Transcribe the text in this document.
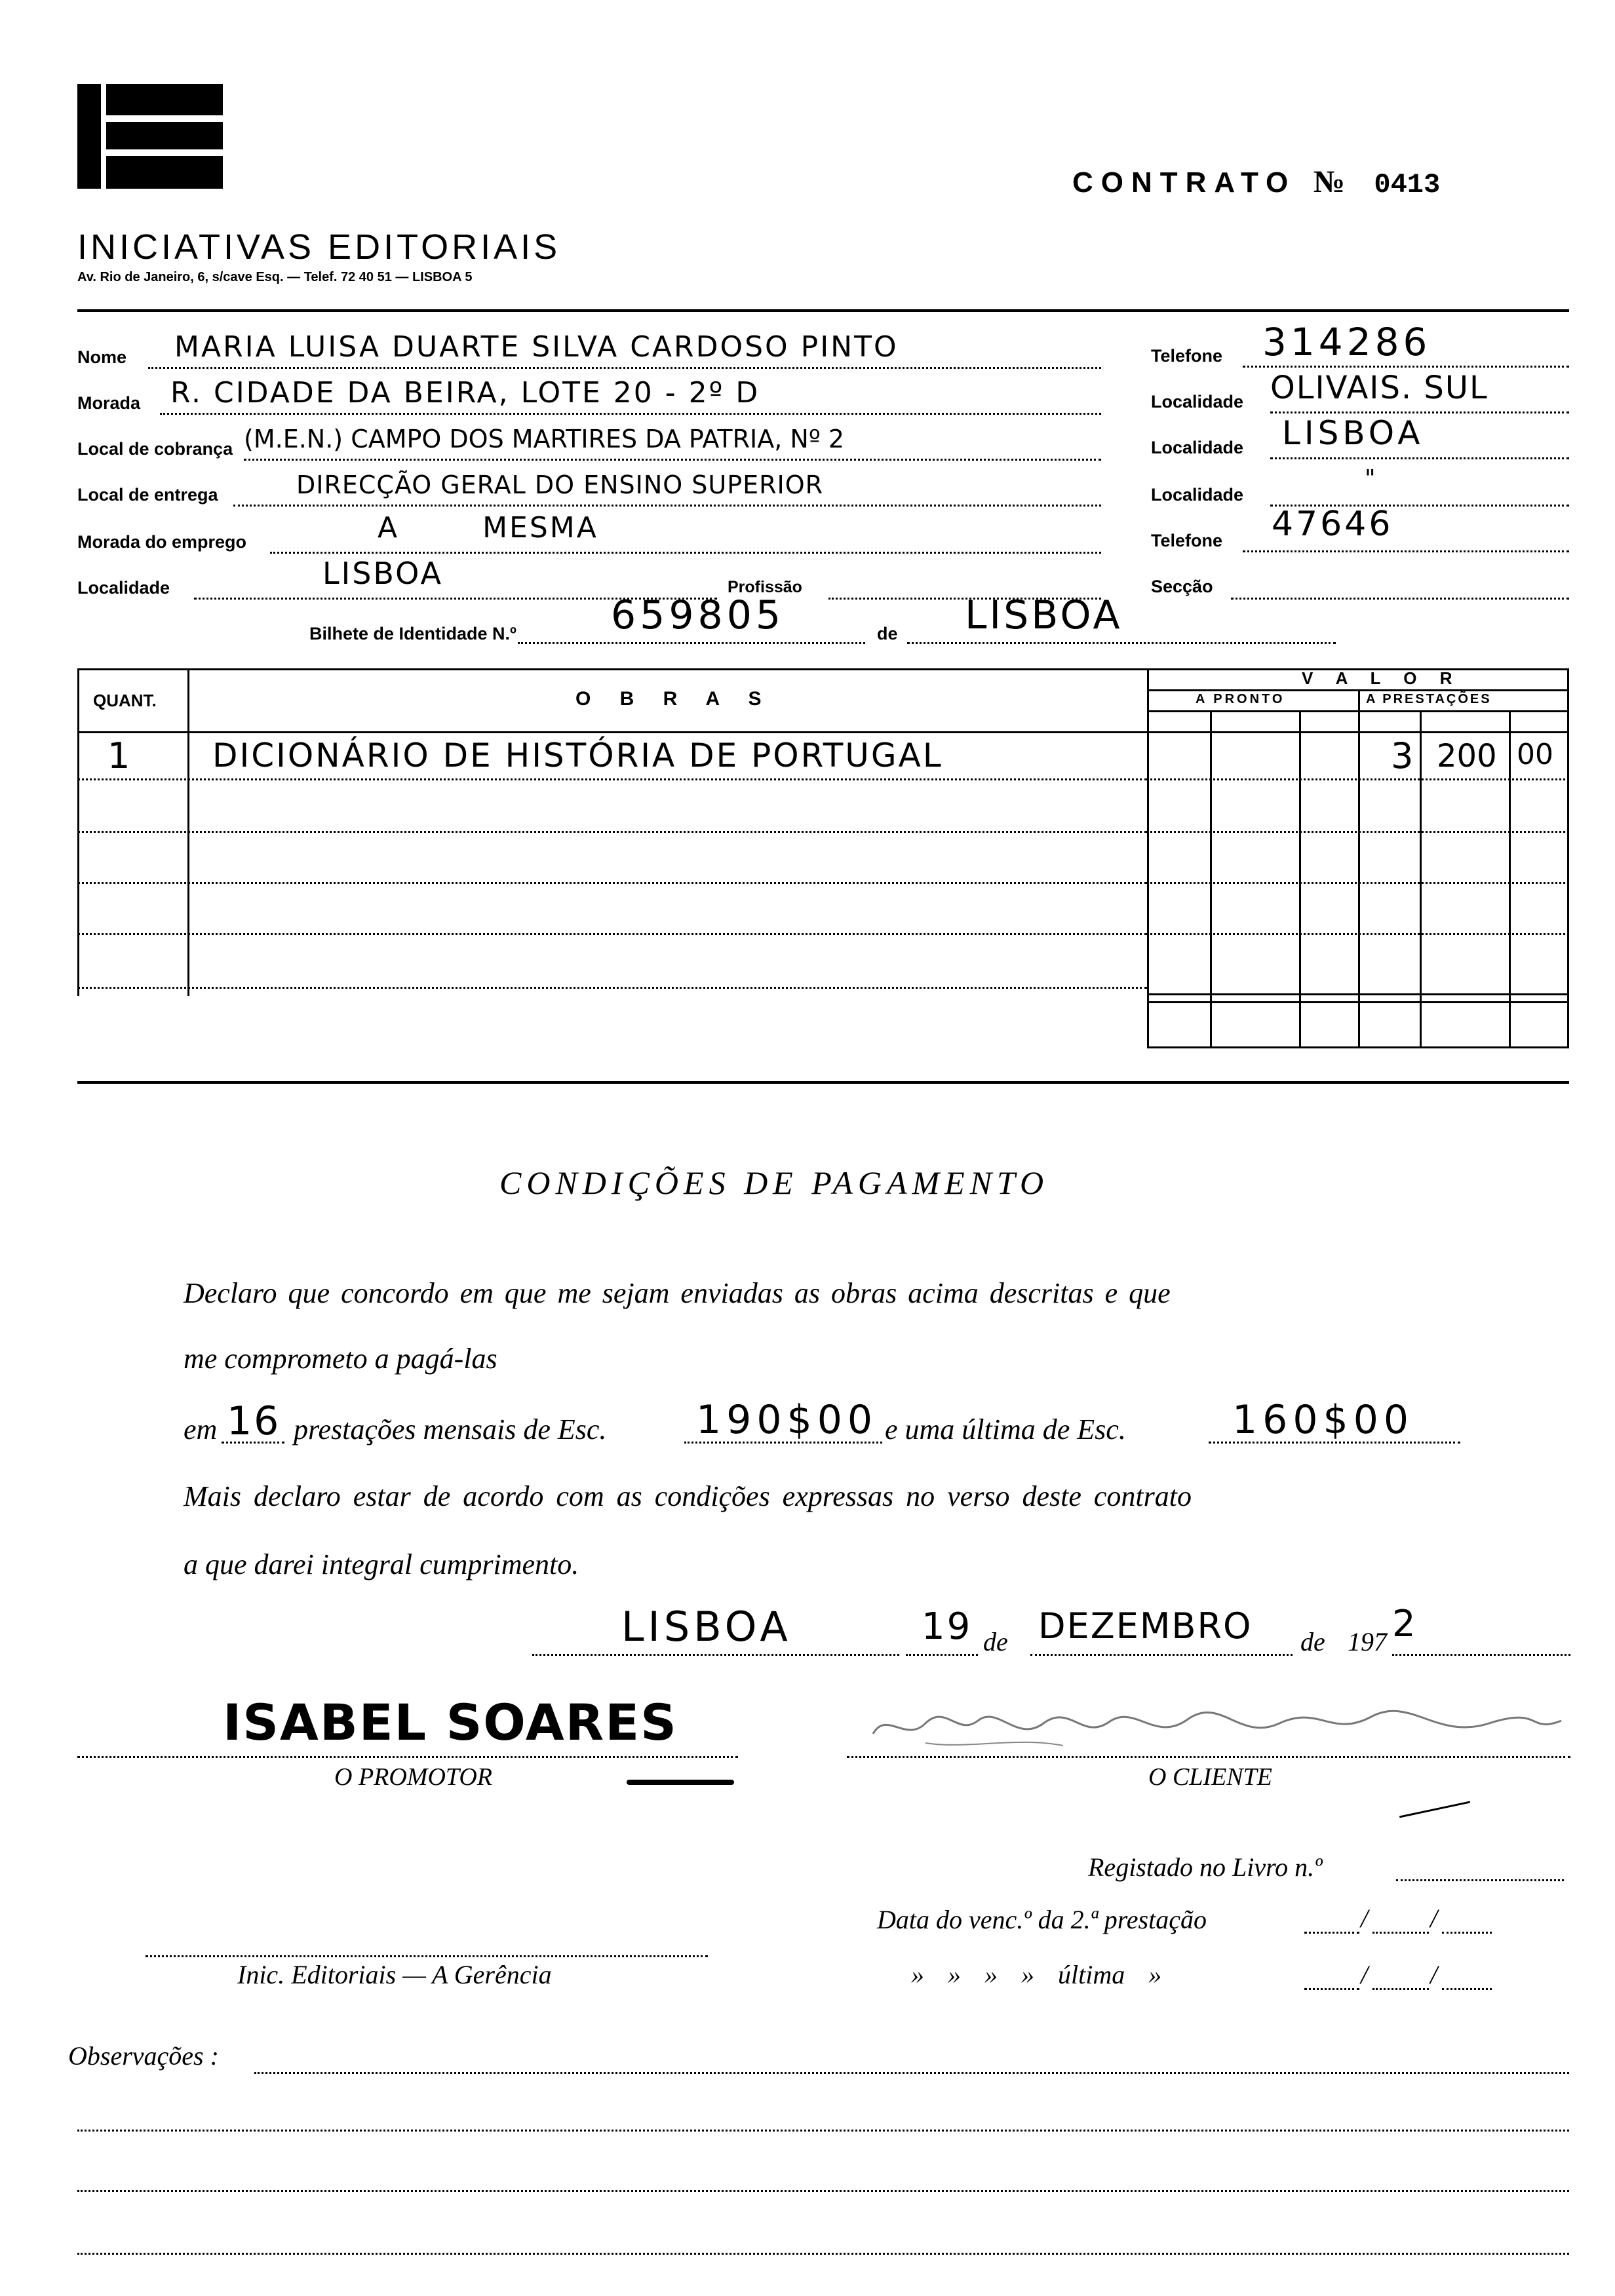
CONTRATO № 0413
INICIATIVAS EDITORIAIS
Av. Rio de Janeiro, 6, s/cave Esq. — Telef. 72 40 51 — LISBOA 5
Nome MARIA LUISA DUARTE SILVA CARDOSO PINTO
Morada R. CIDADE DA BEIRA, LOTE 20 - 2º D
Local de cobrança (M.E.N.) CAMPO DOS MARTIRES DA PATRIA, Nº 2
Local de entrega	DIRECÇÃO GERAL DO ENSINO SUPERIOR
Morada do emprego	A MESMA
Localidade	LISBOA	Profissão
Bilhete de Identidade N.º 659805	de LISBOA
Telefone 314286
Localidade OLIVAIS. SUL
Localidade LISBOA
Localidade
"
Telefone 47646
Secção
QUANT.	O B R A S
V A L O R
A PRONTO	A PRESTAÇÕES
1 DICIONÁRIO DE HISTÓRIA DE PORTUGAL	3 200 00
CONDIÇÕES DE PAGAMENTO
Declaro que concordo em que me sejam enviadas as obras acima descritas e que
me comprometo a pagá-las
em 16 prestações mensais de Esc. 190$00 e uma última de Esc.	160$00
Mais declaro estar de acordo com as condições expressas no verso deste contrato
a que darei integral cumprimento.
LISBOA	19 de DEZEMBRO de 197 2
ISABEL SOARES
O PROMOTOR	O CLIENTE
Registado no Livro n.º
Data do venc.º da 2.ª prestação	/ /
Inic. Editoriais — A Gerência	» » » » última »	/ /
Observações :
